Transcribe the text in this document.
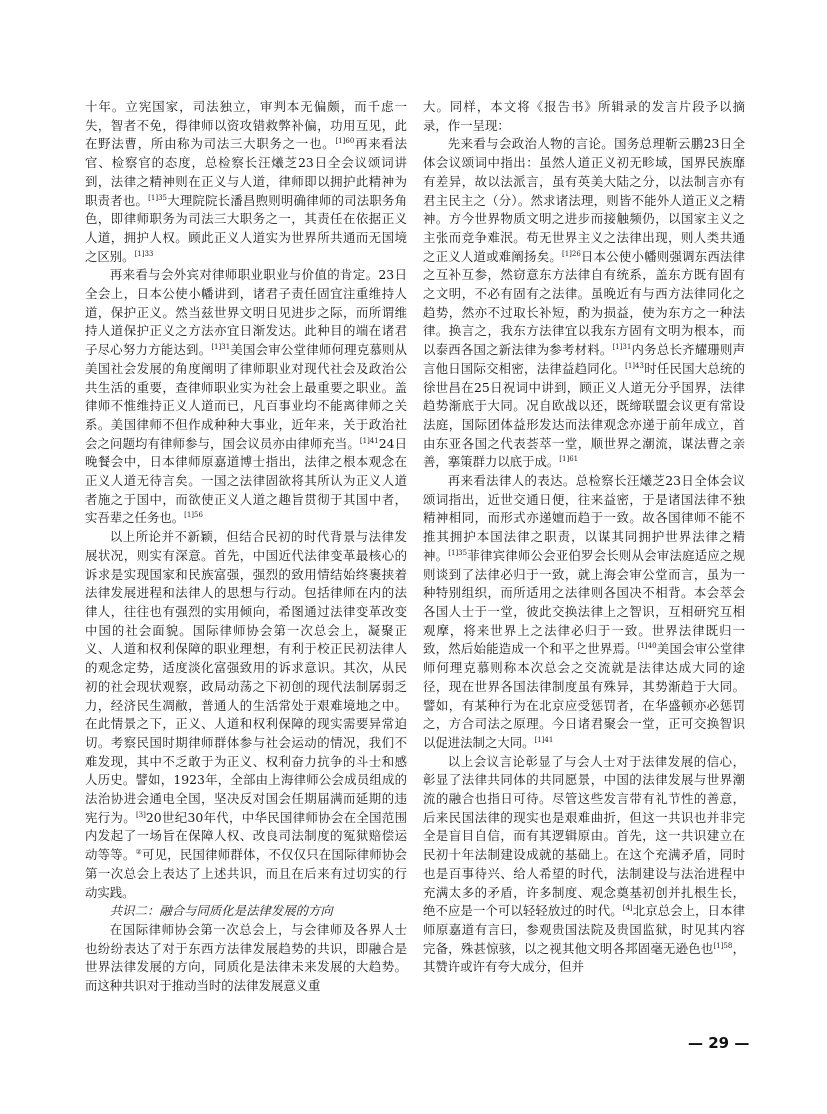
十年。立宪国家，司法独立，审判本无偏颇，而千虑一失，智者不免，得律师以资攻错救弊补偏，功用互见，此在野法曹，所由称为司法三大职务之一也。$^{[1]60}$再来看法官、检察官的态度，总检察长汪爔芝23日全会议颂词讲到，法律之精神则在正义与人道，律师即以拥护此精神为职责者也。$^{[1]35}$大理院院长潘昌煦则明确律师的司法职务角色，即律师职务为司法三大职务之一，其责任在依据正义人道，拥护人权。顾此正义人道实为世界所共通而无国境之区别。$^{[1]33}$

再来看与会外宾对律师职业职业与价值的肯定。23日全会上，日本公使小幡讲到，诸君子责任固宜注重维持人道，保护正义。然当兹世界文明日见进步之际，而所谓维持人道保护正义之方法亦宜日渐发达。此种目的端在诸君子尽心努力方能达到。$^{[1]31}$美国会审公堂律师何理克慕则从美国社会发展的角度阐明了律师职业对现代社会及政治公共生活的重要，查律师职业实为社会上最重要之职业。盖律师不惟维持正义人道而已，凡百事业均不能离律师之关系。美国律师不但作成种种大事业，近年来，关于政治社会之问题均有律师参与，国会议员亦由律师充当。$^{[1]41}$24日晚餐会中，日本律师原嘉道博士指出，法律之根本观念在正义人道无待言矣。一国之法律固欲将其所认为正义人道者施之于国中，而欲使正义人道之趣旨贯彻于其国中者，实吾辈之任务也。$^{[1]56}$

以上所论并不新颖，但结合民初的时代背景与法律发展状况，则实有深意。首先，中国近代法律变革最核心的诉求是实现国家和民族富强，强烈的致用情结始终裹挟着法律发展进程和法律人的思想与行动。包括律师在内的法律人，往往也有强烈的实用倾向，希图通过法律变革改变中国的社会面貌。国际律师协会第一次总会上，凝聚正义、人道和权利保障的职业理想，有利于校正民初法律人的观念定势，适度淡化富强致用的诉求意识。其次，从民初的社会现状观察，政局动荡之下初创的现代法制孱弱乏力，经济民生凋敝，普通人的生活常处于艰难境地之中。在此情景之下，正义、人道和权利保障的现实需要异常迫切。考察民国时期律师群体参与社会运动的情况，我们不难发现，其中不乏敢于为正义、权利奋力抗争的斗士和感人历史。譬如，1923年，全部由上海律师公会成员组成的法治协进会通电全国，坚决反对国会任期届满而延期的违宪行为。[3]20世纪30年代，中华民国律师协会在全国范围内发起了一场旨在保障人权、改良司法制度的冤狱赔偿运动等等。②可见，民国律师群体，不仅仅只在国际律师协会第一次总会上表达了上述共识，而且在后来有过切实的行动实践。

共识二：融合与同质化是法律发展的方向

在国际律师协会第一次总会上，与会律师及各界人士也纷纷表达了对于东西方法律发展趋势的共识，即融合是世界法律发展的方向，同质化是法律未来发展的大趋势。而这种共识对于推动当时的法律发展意义重

大。同样，本文将《报告书》所辑录的发言片段予以摘录，作一呈现：

先来看与会政治人物的言论。国务总理靳云鹏23日全体会议颂词中指出：虽然人道正义初无畛域，国界民族靡有差异，故以法派言，虽有英美大陆之分，以法制言亦有君主民主之（分）。然求诸法理，则皆不能外人道正义之精神。方今世界物质文明之进步而接触频仍，以国家主义之主张而竞争难泯。苟无世界主义之法律出现，则人类共通之正义人道或难阐扬矣。$^{[1]26}$日本公使小幡则强调东西法律之互补互参，然窃意东方法律自有统系，盖东方既有固有之文明，不必有固有之法律。虽晚近有与西方法律同化之趋势，然亦不过取长补短，酌为损益，使为东方之一种法律。换言之，我东方法律宜以我东方固有文明为根本，而以泰西各国之新法律为参考材料。$^{[1]31}$内务总长齐耀珊则声言他日国际交相密，法律益趋同化。$^{[1]43}$时任民国大总统的徐世昌在25日祝词中讲到，顾正义人道无分乎国界，法律趋势渐底于大同。况自欧战以还，既缔联盟会议更有常设法庭，国际团体益形发达而法律观念亦递于前年成立，首由东亚各国之代表荟萃一堂，顺世界之潮流，谋法曹之亲善，搴策群力以底于成。$^{[1]61}$

再来看法律人的表达。总检察长汪爔芝23日全体会议颂词指出，近世交通日便，往来益密，于是诸国法律不独精神相同，而形式亦递嬗而趋于一致。故各国律师不能不推其拥护本国法律之职责，以谋其同拥护世界法律之精神。$^{[1]35}$菲律宾律师公会亚伯罗会长则从会审法庭适应之规则谈到了法律必归于一致，就上海会审公堂而言，虽为一种特别组织，而所适用之法律则各国决不相背。本会萃会各国人士于一堂，彼此交换法律上之智识，互相研究互相观摩，将来世界上之法律必归于一致。世界法律既归一致，然后始能造成一个和平之世界焉。$^{[1]40}$美国会审公堂律师何理克慕则称本次总会之交流就是法律达成大同的途径，现在世界各国法律制度虽有殊异，其势渐趋于大同。譬如，有某种行为在北京应受惩罚者，在华盛顿亦必惩罚之，方合司法之原理。今日诸君聚会一堂，正可交换智识以促进法制之大同。$^{[1]41}$

以上会议言论彰显了与会人士对于法律发展的信心，彰显了法律共同体的共同愿景，中国的法律发展与世界潮流的融合也指日可待。尽管这些发言带有礼节性的善意，后来民国法律的现实也是艰难曲折，但这一共识也并非完全是盲目自信，而有其逻辑原由。首先，这一共识建立在民初十年法制建设成就的基础上。在这个充满矛盾，同时也是百事待兴、给人希望的时代，法制建设与法治进程中充满太多的矛盾，许多制度、观念奠基初创并扎根生长，绝不应是一个可以轻轻放过的时代。[4]北京总会上，日本律师原嘉道有言曰，参观贵国法院及贵国监狱，时见其内容完备，殊甚惊骇，以之视其他文明各邦固毫无逊色也$^{[1]58}$，其赞许或许有夸大成分，但并

— 29 —
